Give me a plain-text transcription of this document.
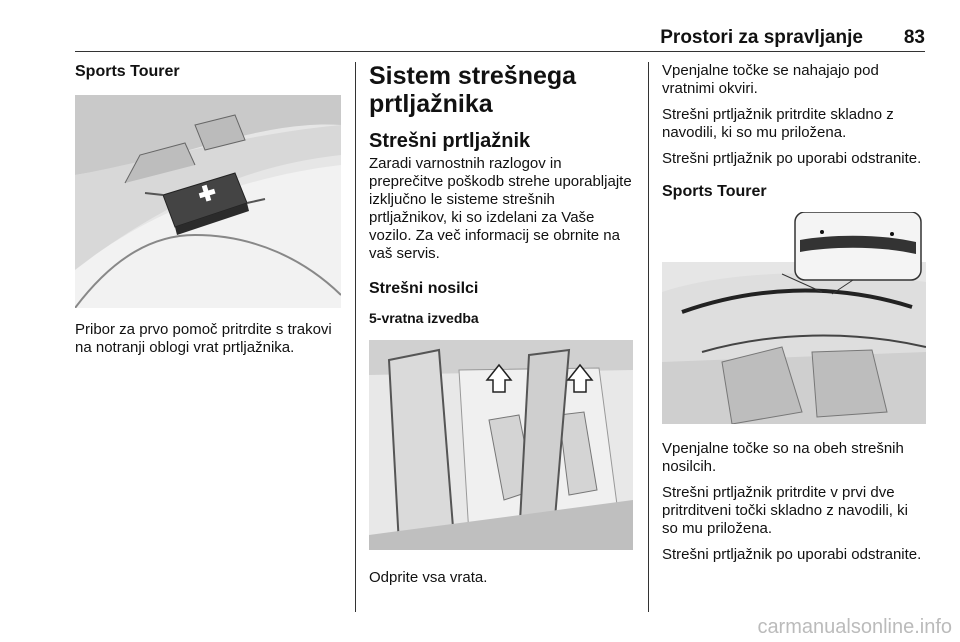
Prostori za spravljanje 83
Sports Tourer

Pribor za prvo pomoč pritrdite s trakovi na notranji oblogi vrat prtljažnika.

Sistem strešnega prtljažnika
Strešni prtljažnik

Zaradi varnostnih razlogov in preprečitve poškodb strehe uporabljajte izključno le sisteme strešnih prtljažnikov, ki so izdelani za Vaše vozilo. Za več informacij se obrnite na vaš servis.

Strešni nosilci
5-vratna izvedba

Odprite vsa vrata.

Vpenjalne točke se nahajajo pod vratnimi okviri.

Strešni prtljažnik pritrdite skladno z navodili, ki so mu priložena.

Strešni prtljažnik po uporabi odstranite.

Sports Tourer

Vpenjalne točke so na obeh strešnih nosilcih.

Strešni prtljažnik pritrdite v prvi dve pritrditveni točki skladno z navodili, ki so mu priložena.

Strešni prtljažnik po uporabi odstranite.

carmanualsonline.info
